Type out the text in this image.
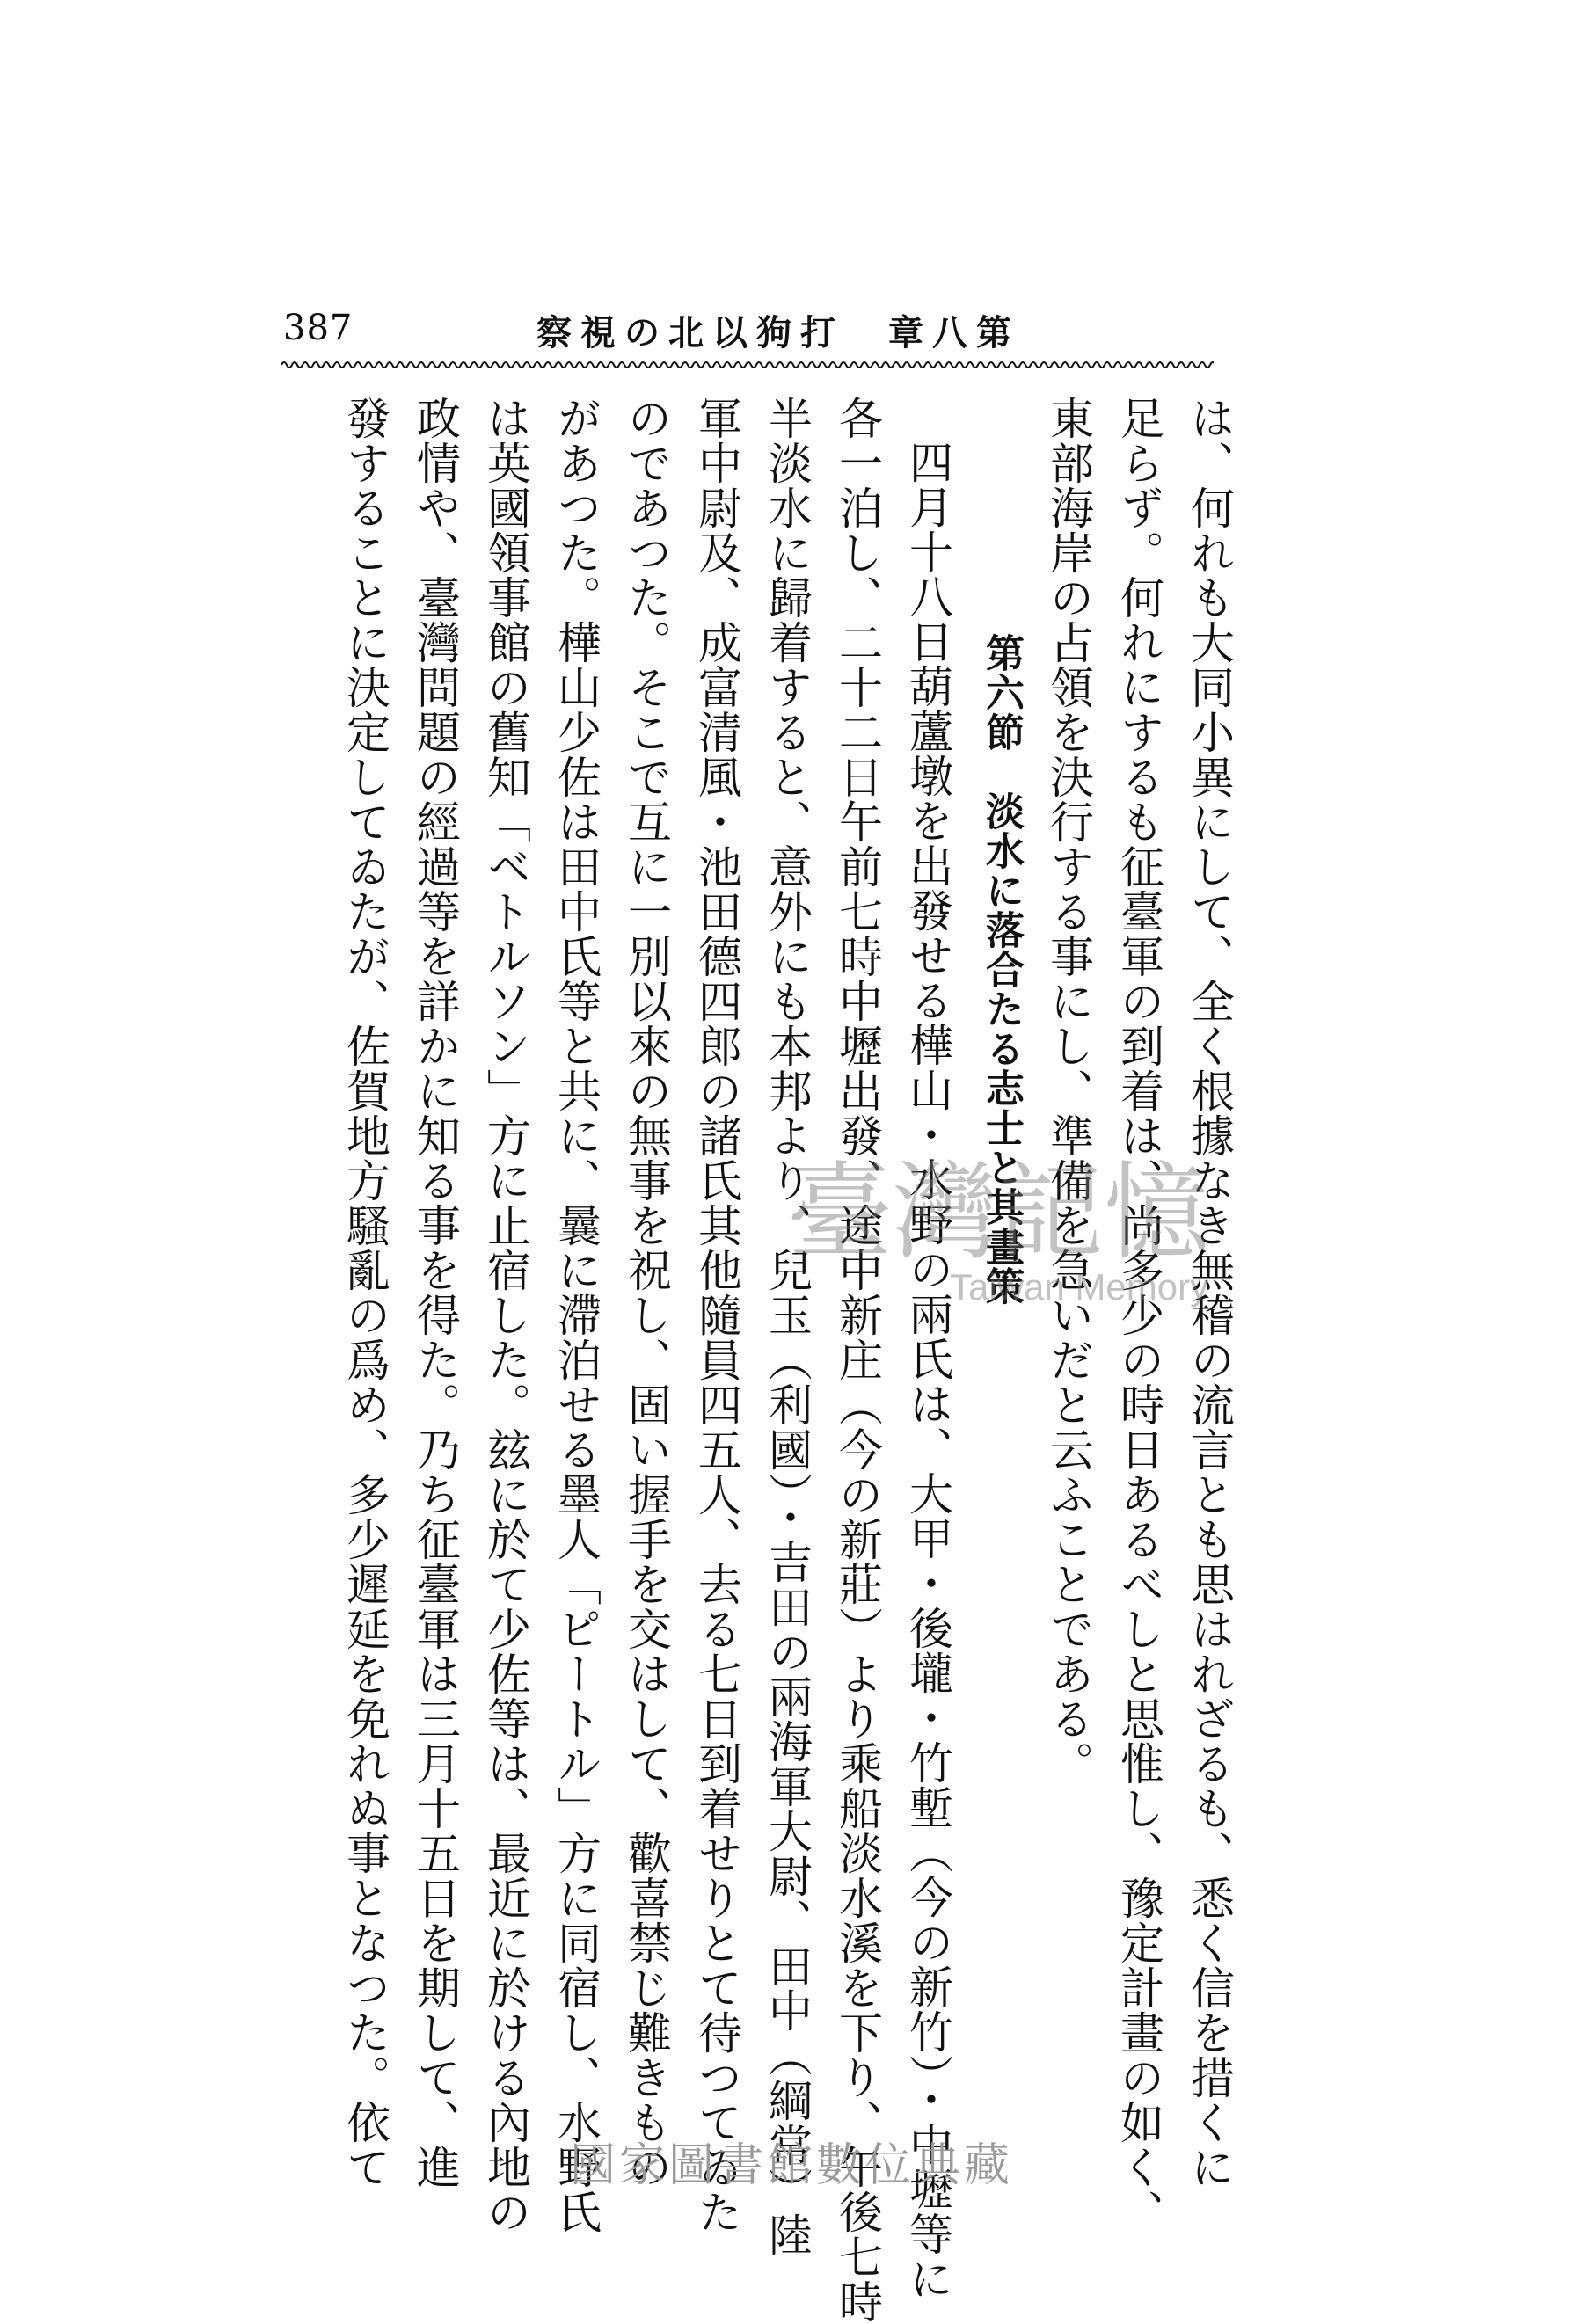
387	第八章　打狗以北の視察
は、何れも大同小異にして、全く根據なき無稽の流言とも思はれざるも、悉く信を措くに
足らず。何れにするも征臺軍の到着は、尚多少の時日あるべしと思惟し、豫定計畫の如く、
東部海岸の占領を決行する事にし、準備を急いだと云ふことである。
第六節　淡水に落合たる志士と其畫策
四月十八日葫蘆墩を出發せる樺山・水野の兩氏は、大甲・後壠・竹塹（今の新竹）・中壢等に
各一泊し、二十二日午前七時中壢出發、途中新庄（今の新莊）より乘船淡水溪を下り、午後七時
半淡水に歸着すると、意外にも本邦より、兒玉（利國）・吉田の兩海軍大尉、田中（綱常）陸
軍中尉及、成富清風・池田德四郎の諸氏其他隨員四五人、去る七日到着せりとて待つてゐた
のであつた。そこで互に一別以來の無事を祝し、固い握手を交はして、歡喜禁じ難きもの
があつた。樺山少佐は田中氏等と共に、曩に滯泊せる墨人「ピートル」方に同宿し、水野氏
は英國領事館の舊知「ベトルソン」方に止宿した。玆に於て少佐等は、最近に於ける內地の
政情や、臺灣問題の經過等を詳かに知る事を得た。乃ち征臺軍は三月十五日を期して、進
發することに決定してゐたが、佐賀地方騷亂の爲め、多少遲延を免れぬ事となつた。依て	臺灣記憶
Taiwan Memory
國家圖書館數位典藏
